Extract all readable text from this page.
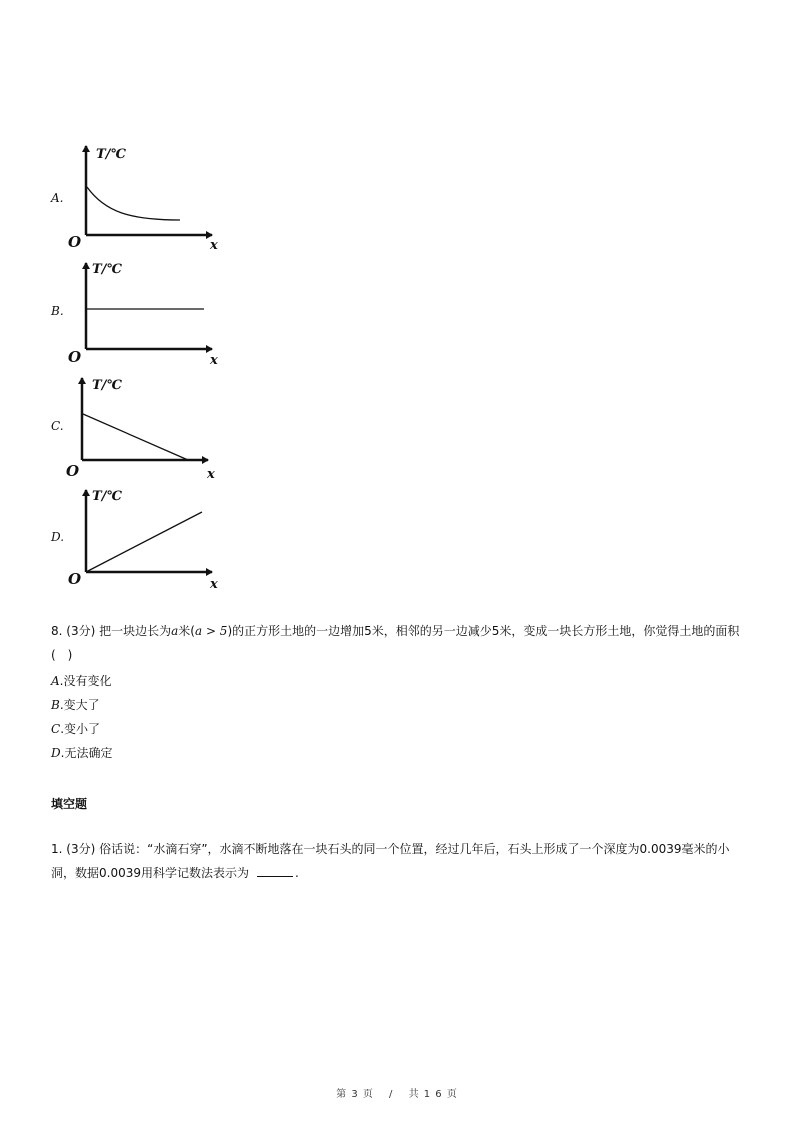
A.
T/℃
O	x
B.
T/℃
O	x
C.
T/℃
O	x
D.
T/℃
O	x

8. (3分) 把一块边长为a米(a > 5)的正方形土地的一边增加5米，相邻的另一边减少5米，变成一块长方形土地，你觉得土地的面积(　)

A.没有变化
B.变大了
C.变小了
D.无法确定
填空题

1. (3分) 俗话说：“水滴石穿”，水滴不断地落在一块石头的同一个位置，经过几年后，石头上形成了一个深度为0.0039毫米的小洞，数据0.0039用科学记数法表示为	.

第 3 页 　/　 共 1 6 页
